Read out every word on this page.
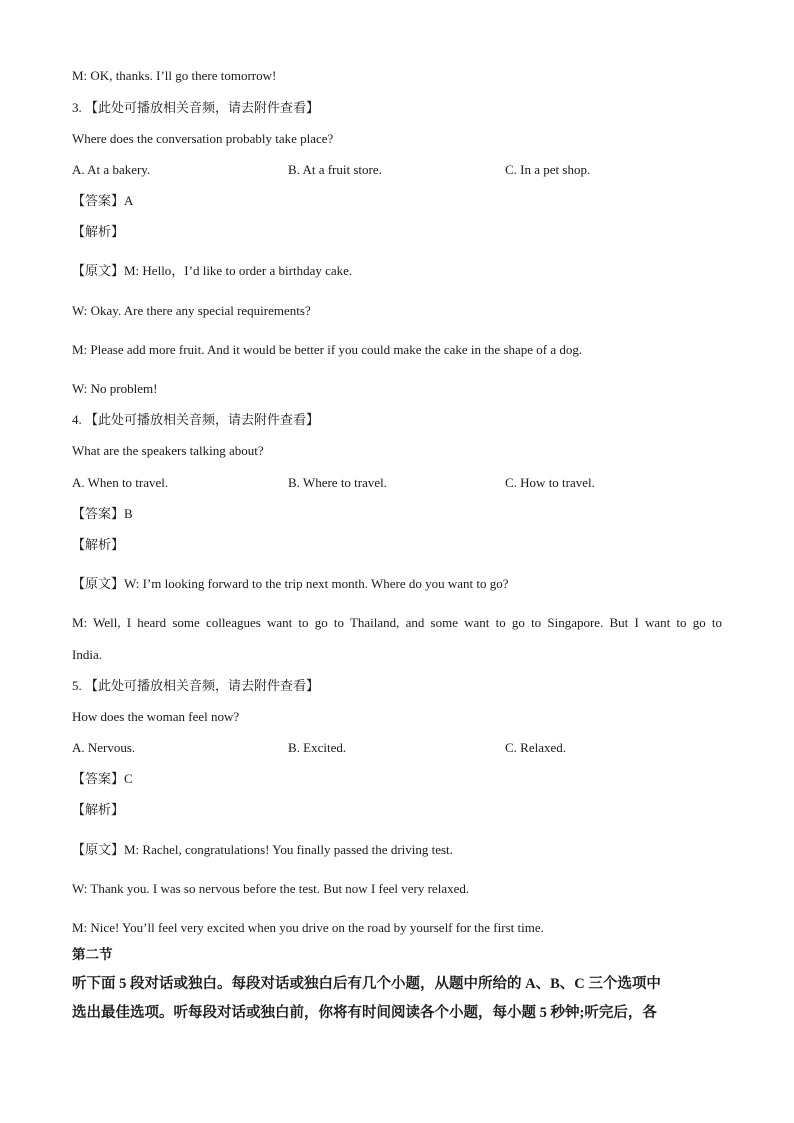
M: OK, thanks. I’ll go there tomorrow!
3. 【此处可播放相关音频，请去附件查看】
Where does the conversation probably take place?
A. At a bakery.	B. At a fruit store.	C. In a pet shop.
【答案】A
【解析】
【原文】M: Hello，I’d like to order a birthday cake.
W: Okay. Are there any special requirements?
M: Please add more fruit. And it would be better if you could make the cake in the shape of a dog.
W: No problem!
4. 【此处可播放相关音频，请去附件查看】
What are the speakers talking about?
A. When to travel.	B. Where to travel.	C. How to travel.
【答案】B
【解析】
【原文】W: I’m looking forward to the trip next month. Where do you want to go?
M: Well, I heard some colleagues want to go to Thailand, and some want to go to Singapore. But I want to go to
India.
5. 【此处可播放相关音频，请去附件查看】
How does the woman feel now?
A. Nervous.	B. Excited.	C. Relaxed.
【答案】C
【解析】
【原文】M: Rachel, congratulations! You finally passed the driving test.
W: Thank you. I was so nervous before the test. But now I feel very relaxed.
M: Nice! You’ll feel very excited when you drive on the road by yourself for the first time.
第二节
听下面 5 段对话或独白。每段对话或独白后有几个小题，从题中所给的 A、B、C 三个选项中
选出最佳选项。听每段对话或独白前，你将有时间阅读各个小题，每小题 5 秒钟;听完后，各
